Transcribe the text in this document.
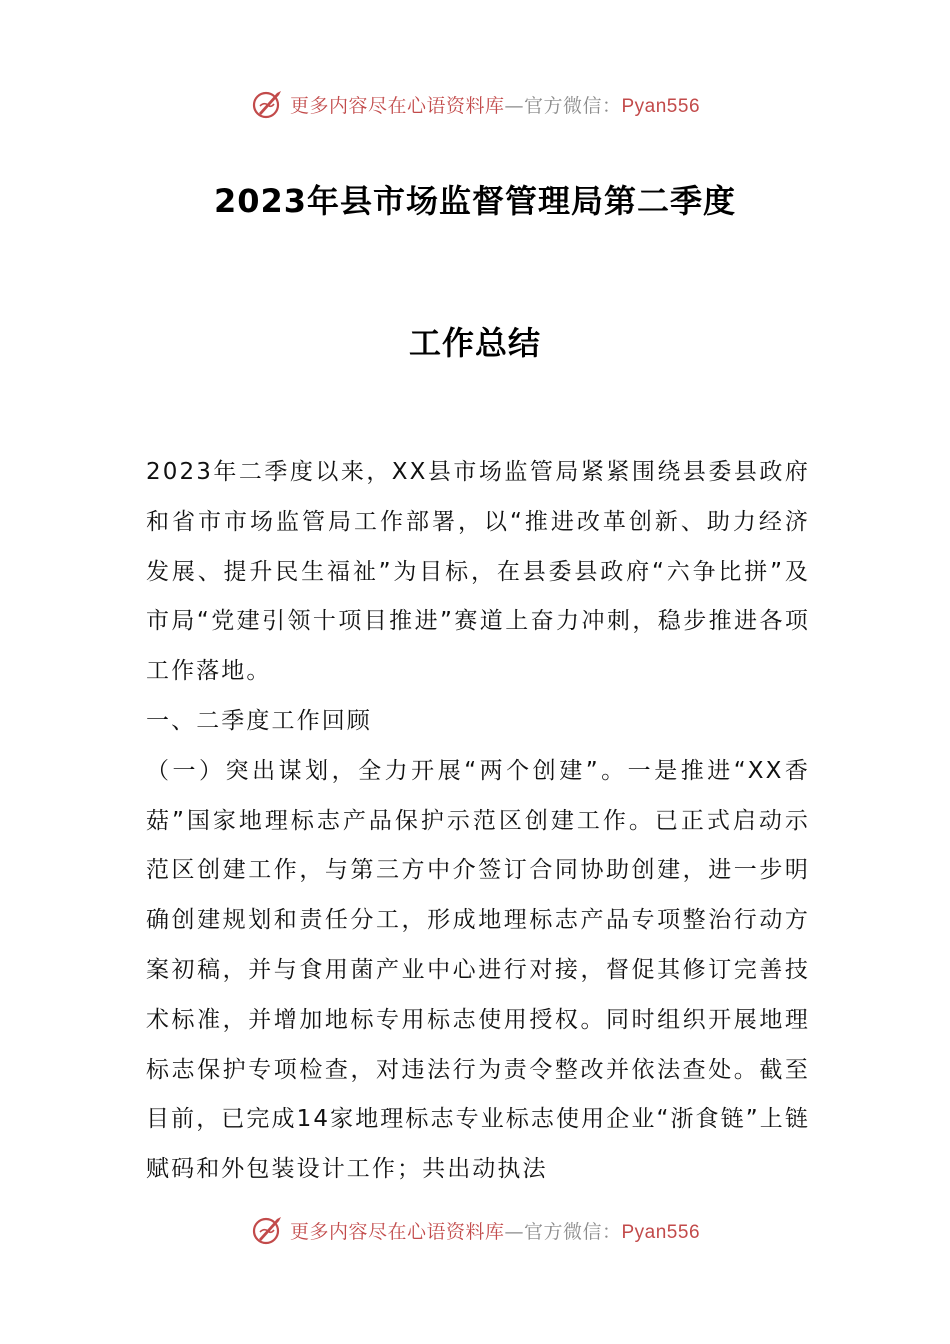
更多内容尽在心语资料库—官方微信：Pyan556
2023年县市场监督管理局第二季度
工作总结

2023年二季度以来，XX县市场监管局紧紧围绕县委县政府和省市市场监管局工作部署，以“推进改革创新、助力经济发展、提升民生福祉”为目标，在县委县政府“六争比拼”及市局“党建引领十项目推进”赛道上奋力冲刺，稳步推进各项工作落地。

一、二季度工作回顾

（一）突出谋划，全力开展“两个创建”。一是推进“XX香菇”国家地理标志产品保护示范区创建工作。已正式启动示范区创建工作，与第三方中介签订合同协助创建，进一步明确创建规划和责任分工，形成地理标志产品专项整治行动方案初稿，并与食用菌产业中心进行对接，督促其修订完善技术标准，并增加地标专用标志使用授权。同时组织开展地理标志保护专项检查，对违法行为责令整改并依法查处。截至目前，已完成14家地理标志专业标志使用企业“浙食链”上链赋码和外包装设计工作；共出动执法

更多内容尽在心语资料库—官方微信：Pyan556
